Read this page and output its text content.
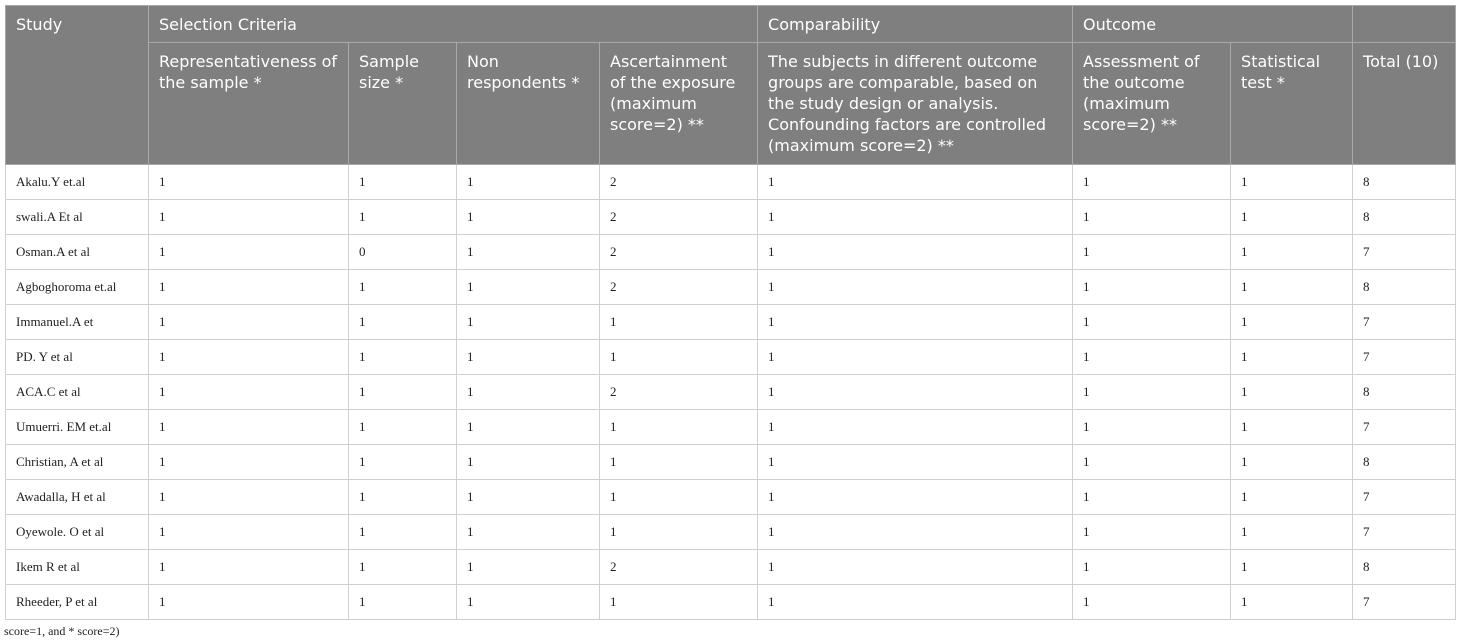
Study	Selection Criteria				Comparability	Outcome		
	Representativeness of the sample *	Sample size *	Non respondents *	Ascertainment of the exposure (maximum score=2) **	The subjects in different outcome groups are comparable, based on the study design or analysis. Confounding factors are controlled (maximum score=2) **	Assessment of the outcome (maximum score=2) **	Statistical test *	Total (10)
Akalu.Y et.al	1	1	1	2	1	1	1	8
swali.A Et al	1	1	1	2	1	1	1	8
Osman.A et al	1	0	1	2	1	1	1	7
Agboghoroma et.al	1	1	1	2	1	1	1	8
Immanuel.A et	1	1	1	1	1	1	1	7
PD. Y et al	1	1	1	1	1	1	1	7
ACA.C et al	1	1	1	2	1	1	1	8
Umuerri. EM et.al	1	1	1	1	1	1	1	7
Christian, A et al	1	1	1	1	1	1	1	8
Awadalla, H et al	1	1	1	1	1	1	1	7
Oyewole. O et al	1	1	1	1	1	1	1	7
Ikem R et al	1	1	1	2	1	1	1	8
Rheeder, P et al	1	1	1	1	1	1	1	7
score=1, and * score=2)
